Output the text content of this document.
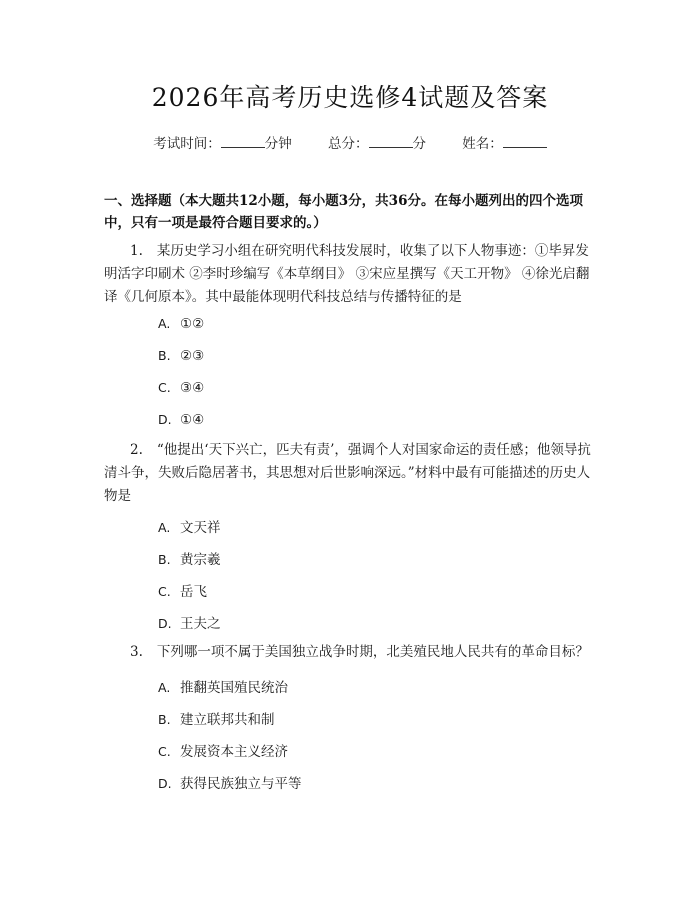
2026年高考历史选修4试题及答案
考试时间：	分钟	总分：	分	姓名：
一、选择题（本大题共12小题，每小题3分，共36分。在每小题列出的四个选项中，只有一项是最符合题目要求的。）
1. 某历史学习小组在研究明代科技发展时，收集了以下人物事迹：①毕昇发明活字印刷术 ②李时珍编写《本草纲目》 ③宋应星撰写《天工开物》 ④徐光启翻译《几何原本》。其中最能体现明代科技总结与传播特征的是
A. ①②
B. ②③
C. ③④
D. ①④
2. “他提出‘天下兴亡，匹夫有责’，强调个人对国家命运的责任感；他领导抗清斗争，失败后隐居著书，其思想对后世影响深远。”材料中最有可能描述的历史人物是
A. 文天祥
B. 黄宗羲
C. 岳飞
D. 王夫之
3. 下列哪一项不属于美国独立战争时期，北美殖民地人民共有的革命目标？
A. 推翻英国殖民统治
B. 建立联邦共和制
C. 发展资本主义经济
D. 获得民族独立与平等
